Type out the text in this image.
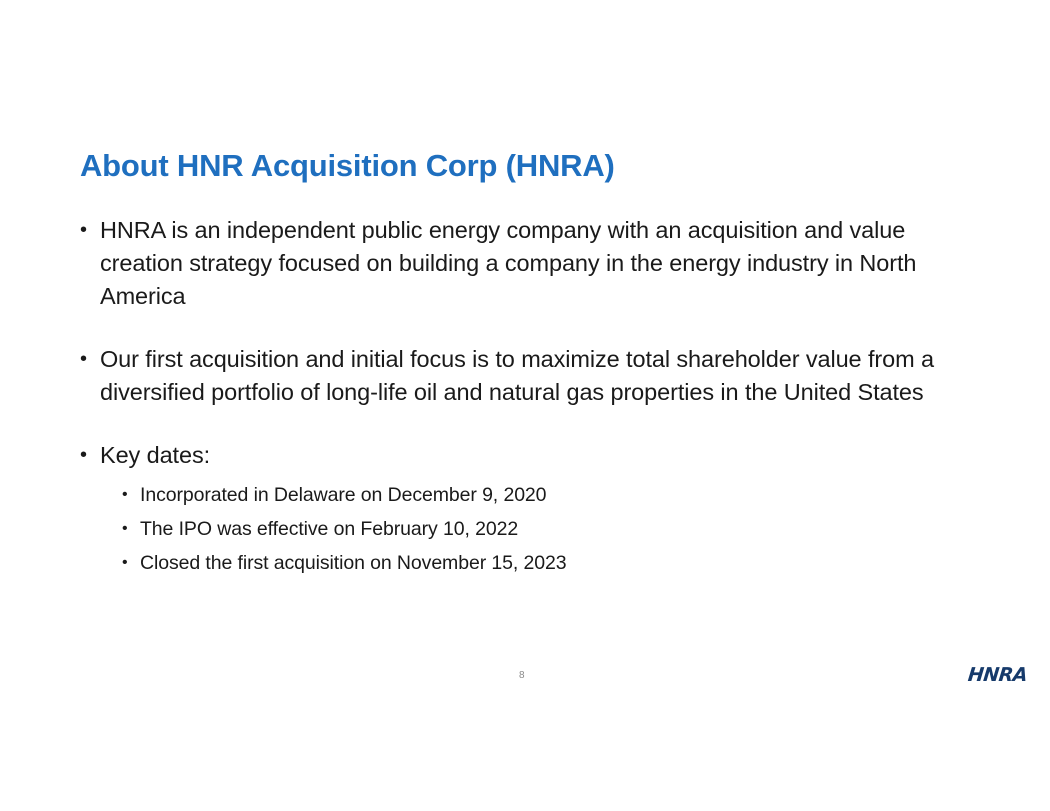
About HNR Acquisition Corp (HNRA)
• HNRA is an independent public energy company with an acquisition and value creation strategy focused on building a company in the energy industry in North America
• Our first acquisition and initial focus is to maximize total shareholder value from a diversified portfolio of long-life oil and natural gas properties in the United States
• Key dates:
• Incorporated in Delaware on December 9, 2020
• The IPO was effective on February 10, 2022
• Closed the first acquisition on November 15, 2023
8	HNRA
